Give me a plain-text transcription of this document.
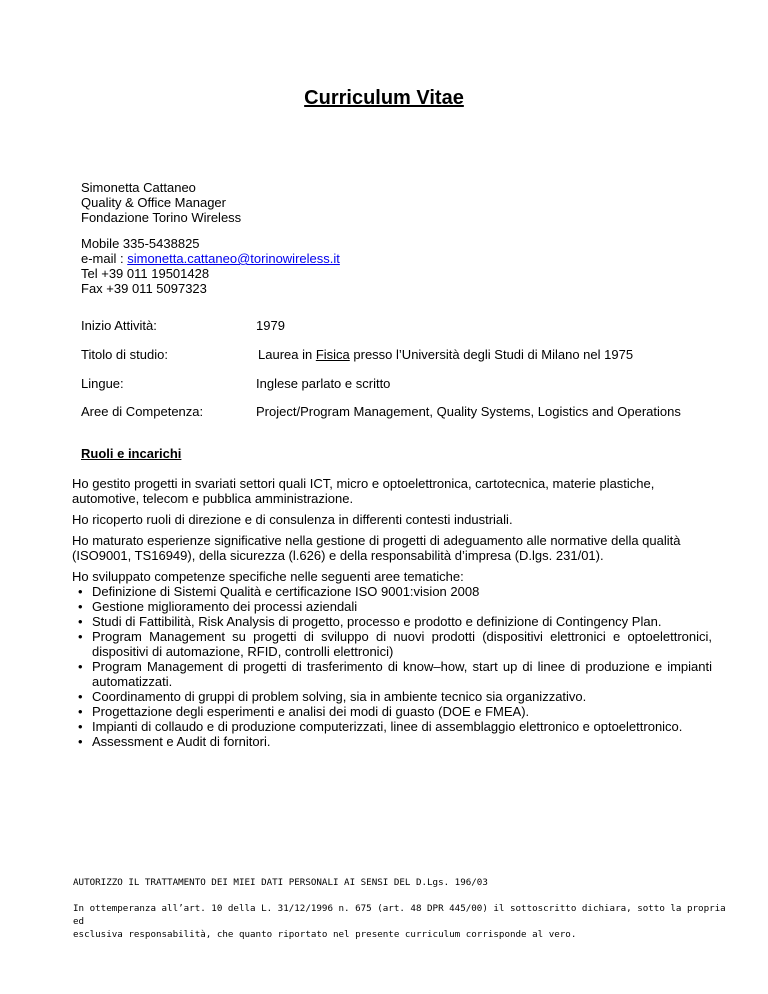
Curriculum Vitae
Simonetta Cattaneo
Quality & Office Manager
Fondazione Torino Wireless
Mobile 335-5438825
e-mail : simonetta.cattaneo@torinowireless.it
Tel +39 011 19501428
Fax +39 011 5097323
Inizio Attività:	1979
Titolo di studio:	Laurea in Fisica presso l’Università degli Studi di Milano nel 1975
Lingue:	Inglese parlato e scritto
Aree di Competenza:	Project/Program Management, Quality Systems, Logistics and Operations
Ruoli e incarichi
Ho gestito progetti in svariati settori quali ICT, micro e optoelettronica, cartotecnica, materie plastiche,
automotive, telecom e pubblica amministrazione.
Ho ricoperto ruoli di direzione e di consulenza in differenti contesti industriali.
Ho maturato esperienze significative nella gestione di progetti di adeguamento alle normative della qualità
(ISO9001, TS16949), della sicurezza (l.626) e della responsabilità d’impresa (D.lgs. 231/01).
Ho sviluppato competenze specifiche nelle seguenti aree tematiche:
• Definizione di Sistemi Qualità e certificazione ISO 9001:vision 2008
• Gestione miglioramento dei processi aziendali
• Studi di Fattibilità, Risk Analysis di progetto, processo e prodotto e definizione di Contingency Plan.
• Program Management su progetti di sviluppo di nuovi prodotti (dispositivi elettronici e optoelettronici, dispositivi di automazione, RFID, controlli elettronici)
• Program Management di progetti di trasferimento di know–how, start up di linee di produzione e impianti automatizzati.
• Coordinamento di gruppi di problem solving, sia in ambiente tecnico sia organizzativo.
• Progettazione degli esperimenti e analisi dei modi di guasto (DOE e FMEA).
• Impianti di collaudo e di produzione computerizzati, linee di assemblaggio elettronico e optoelettronico.
• Assessment e Audit di fornitori.
AUTORIZZO IL TRATTAMENTO DEI MIEI DATI PERSONALI AI SENSI DEL D.Lgs. 196/03
In ottemperanza all’art. 10 della L. 31/12/1996 n. 675 (art. 48 DPR 445/00) il sottoscritto dichiara, sotto la propria ed
esclusiva responsabilità, che quanto riportato nel presente curriculum corrisponde al vero.
